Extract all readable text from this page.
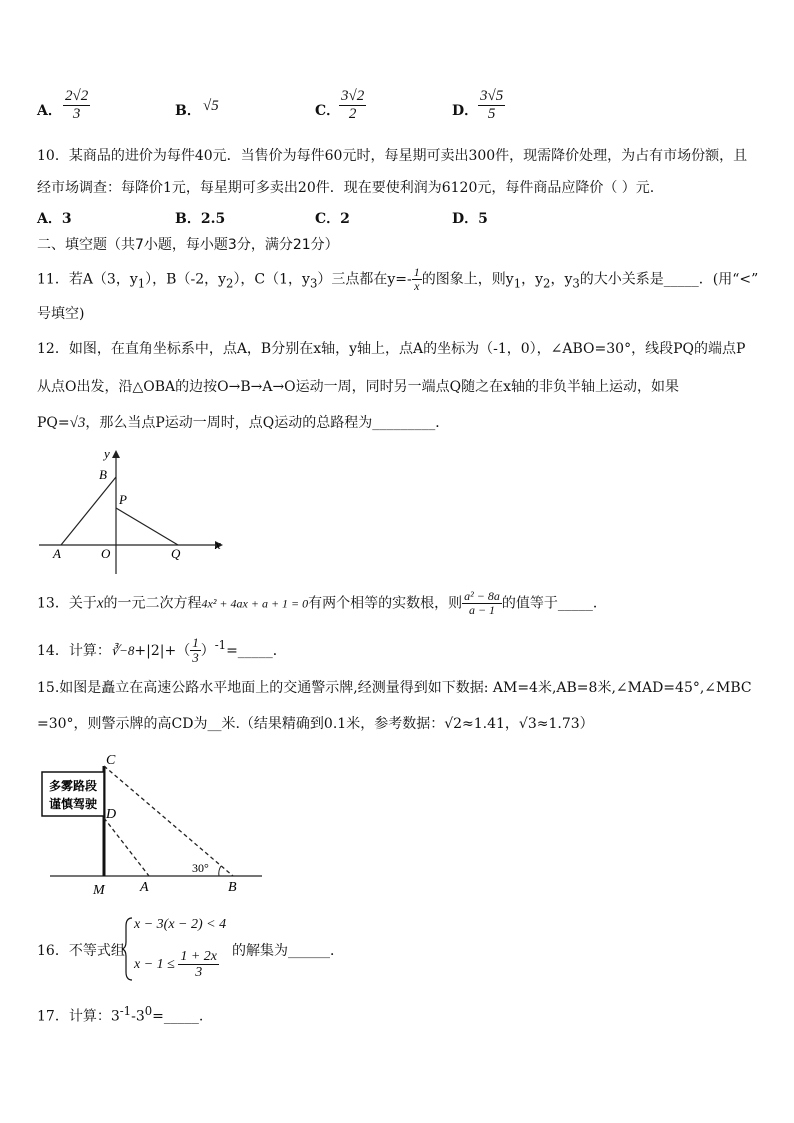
A． $\frac{2√2}{3}$	B． √5	C．
$\frac{3√2}{2}$	D． $\frac{3√5}{5}$
10．某商品的进价为每件40元．当售价为每件60元时，每星期可卖出300件，现需降价处理，为占有市场份额，且
经市场调查：每降价1元，每星期可多卖出20件．现在要使利润为6120元，每件商品应降价（ ）元.
A．3	B．2.5	C．2	D．5
二、填空题（共7小题，每小题3分，满分21分）
11．若A（3，$y_1$），B（-2，$y_2$），C（1，$y_3$）三点都在$y=- \frac{1}{x}$ 的图象上，则$y_1$，$y_2$，$y_3$的大小关系是_____．(用“<”
号填空)
12．如图，在直角坐标系中，点A，B分别在x轴，y轴上，点A的坐标为（-1，0），∠ABO=30°，线段PQ的端点P
从点O出发，沿△OBA的边按O→B→A→O运动一周，同时另一端点Q随之在x轴的非负半轴上运动，如果
PQ=√3，那么当点P运动一周时，点Q运动的总路程为_________．
y
x
B
P
A	O	Q
13．关于x的一元二次方程4x² + 4ax + a + 1 = 0有两个相等的实数根，则 $\frac{\text{a² − 8a}}{a - 1}$ 的值等于_____．
14．计算：∛−8+|2|+（ $\frac{1}{3}$ ）$^{-1}$=_____．
15.如图是矗立在高速公路水平地面上的交通警示牌,经测量得到如下数据: AM=4米,AB=8米,∠MAD=45°,∠MBC
=30°，则警示牌的高CD为__米.（结果精确到0.1米，参考数据：√2≈1.41，√3≈1.73）
多雾路段
谨慎驾驶
C
D
M	A	B
30°
16．不等式组
x − 3(x − 2) < 4
$x - 1 \le \frac{1 + 2x}{3}$ 的解集为______．
17．计算：$3^{-1}-3^0=\_\_\_\_\_$.
